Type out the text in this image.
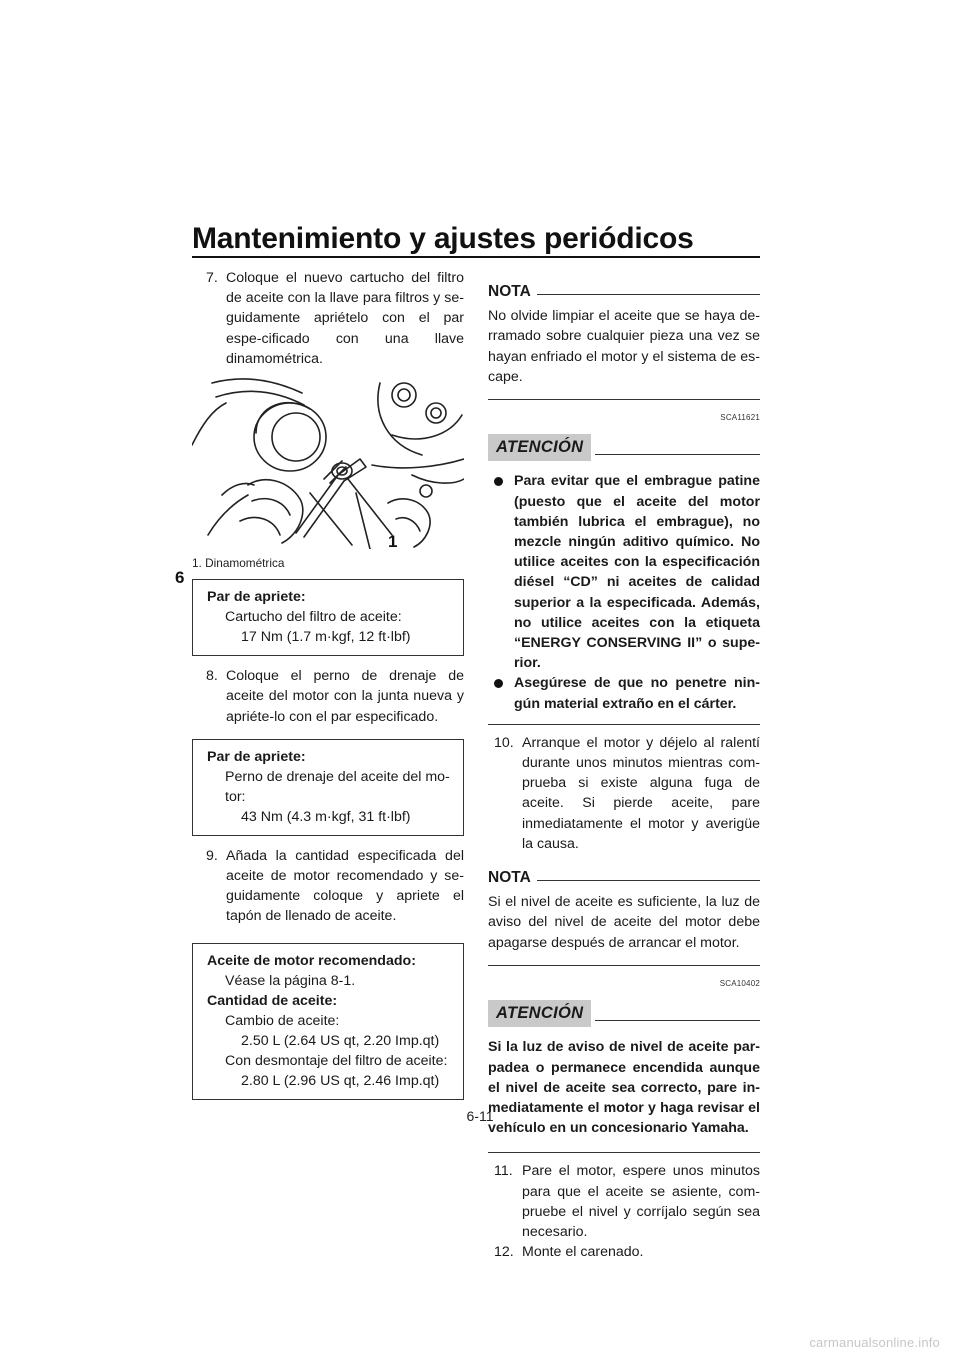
Mantenimiento y ajustes periódicos
6
7. Coloque el nuevo cartucho del filtro de aceite con la llave para filtros y se-guidamente apriételo con el par espe-cificado con una llave dinamométrica.
1
1. Dinamométrica
Par de apriete:
Cartucho del filtro de aceite:
17 Nm (1.7 m·kgf, 12 ft·lbf)
8. Coloque el perno de drenaje de aceite del motor con la junta nueva y apriéte-lo con el par especificado.
Par de apriete:
Perno de drenaje del aceite del mo-tor:
43 Nm (4.3 m·kgf, 31 ft·lbf)
9. Añada la cantidad especificada del aceite de motor recomendado y se-guidamente coloque y apriete el tapón de llenado de aceite.
Aceite de motor recomendado:
Véase la página 8-1.
Cantidad de aceite:
Cambio de aceite:
2.50 L (2.64 US qt, 2.20 Imp.qt)
Con desmontaje del filtro de aceite:
2.80 L (2.96 US qt, 2.46 Imp.qt)
NOTA
No olvide limpiar el aceite que se haya de-rramado sobre cualquier pieza una vez se hayan enfriado el motor y el sistema de es-cape.
SCA11621
ATENCIÓN
Para evitar que el embrague patine (puesto que el aceite del motor también lubrica el embrague), no mezcle ningún aditivo químico. No utilice aceites con la especificación diésel “CD” ni aceites de calidad superior a la especificada. Además, no utilice aceites con la etiqueta “ENERGY CONSERVING II” o supe-rior.
Asegúrese de que no penetre nin-gún material extraño en el cárter.
10. Arranque el motor y déjelo al ralentí durante unos minutos mientras com-prueba si existe alguna fuga de aceite. Si pierde aceite, pare inmediatamente el motor y averigüe la causa.
NOTA
Si el nivel de aceite es suficiente, la luz de aviso del nivel de aceite del motor debe apagarse después de arrancar el motor.
SCA10402
ATENCIÓN
Si la luz de aviso de nivel de aceite par-padea o permanece encendida aunque el nivel de aceite sea correcto, pare in-mediatamente el motor y haga revisar el vehículo en un concesionario Yamaha.
11. Pare el motor, espere unos minutos para que el aceite se asiente, com-pruebe el nivel y corríjalo según sea necesario.
12. Monte el carenado.
6-11
carmanualsonline.info
